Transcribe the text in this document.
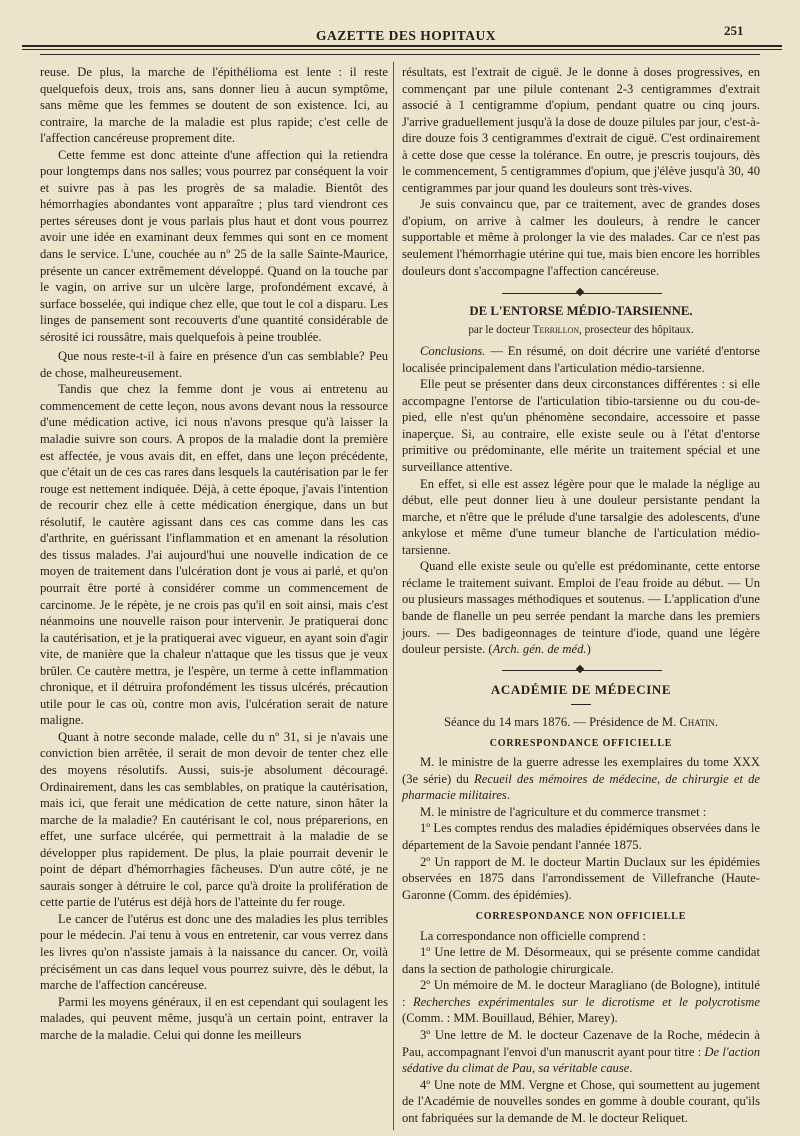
GAZETTE DES HOPITAUX	251

reuse. De plus, la marche de l'épithélioma est lente : il reste quelquefois deux, trois ans, sans donner lieu à aucun symptôme, sans même que les femmes se doutent de son existence. Ici, au contraire, la marche de la maladie est plus rapide; c'est celle de l'affection cancéreuse proprement dite.

Cette femme est donc atteinte d'une affection qui la retiendra pour longtemps dans nos salles; vous pourrez par conséquent la voir et suivre pas à pas les progrès de sa maladie. Bientôt des hémorrhagies abondantes vont apparaître ; plus tard viendront ces pertes séreuses dont je vous parlais plus haut et dont vous pourrez avoir une idée en examinant deux femmes qui sont en ce moment dans le service. L'une, couchée au nº 25 de la salle Sainte-Maurice, présente un cancer extrêmement développé. Quand on la touche par le vagin, on arrive sur un ulcère large, profondément excavé, à surface bosselée, qui indique chez elle, que tout le col a disparu. Les linges de pansement sont recouverts d'une quantité considérable de sérosité ici roussâtre, mais quelquefois à peine troublée.

Que nous reste-t-il à faire en présence d'un cas semblable? Peu de chose, malheureusement.

Tandis que chez la femme dont je vous ai entretenu au commencement de cette leçon, nous avons devant nous la ressource d'une médication active, ici nous n'avons presque qu'à laisser la maladie suivre son cours. A propos de la maladie dont la première est affectée, je vous avais dit, en effet, dans une leçon précédente, que c'était un de ces cas rares dans lesquels la cautérisation par le fer rouge est nettement indiquée. Déjà, à cette époque, j'avais l'intention de recourir chez elle à cette médication énergique, dans un but résolutif, le cautère agissant dans ces cas comme dans les cas d'arthrite, en guérissant l'inflammation et en amenant la résolution des tissus malades. J'ai aujourd'hui une nouvelle indication de ce moyen de traitement dans l'ulcération dont je vous ai parlé, et qu'on pourrait être porté à considérer comme un commencement de carcinome. Je le répète, je ne crois pas qu'il en soit ainsi, mais c'est néanmoins une nouvelle raison pour intervenir. Je pratiquerai donc la cautérisation, et je la pratiquerai avec vigueur, en ayant soin d'agir vite, de manière que la chaleur n'attaque que les tissus que je veux brûler. Ce cautère mettra, je l'espère, un terme à cette inflammation chronique, et il détruira profondément les tissus ulcérés, précaution utile pour le cas où, contre mon avis, l'ulcération serait de nature maligne.

Quant à notre seconde malade, celle du nº 31, si je n'avais une conviction bien arrêtée, il serait de mon devoir de tenter chez elle des moyens résolutifs. Aussi, suis-je absolument découragé. Ordinairement, dans les cas semblables, on pratique la cautérisation, mais ici, que ferait une médication de cette nature, sinon hâter la marche de la maladie? En cautérisant le col, nous préparerions, en effet, une surface ulcérée, qui permettrait à la maladie de se développer plus rapidement. De plus, la plaie pourrait devenir le point de départ d'hémorrhagies fâcheuses. D'un autre côté, je ne saurais songer à détruire le col, parce qu'à droite la prolifération de cette partie de l'utérus est déjà hors de l'atteinte du fer rouge.

Le cancer de l'utérus est donc une des maladies les plus terribles pour le médecin. J'ai tenu à vous en entretenir, car vous verrez dans les livres qu'on n'assiste jamais à la naissance du cancer. Or, voilà précisément un cas dans lequel vous pourrez suivre, dès le début, la marche de l'affection cancéreuse.

Parmi les moyens généraux, il en est cependant qui soulagent les malades, qui peuvent même, jusqu'à un certain point, entraver la marche de la maladie. Celui qui donne les meilleurs

résultats, est l'extrait de ciguë. Je le donne à doses progressives, en commençant par une pilule contenant 2-3 centigrammes d'extrait associé à 1 centigramme d'opium, pendant quatre ou cinq jours. J'arrive graduellement jusqu'à la dose de douze pilules par jour, c'est-à-dire douze fois 3 centigrammes d'extrait de ciguë. C'est ordinairement à cette dose que cesse la tolérance. En outre, je prescris toujours, dès le commencement, 5 centigrammes d'opium, que j'élève jusqu'à 30, 40 centigrammes par jour quand les douleurs sont très-vives.

Je suis convaincu que, par ce traitement, avec de grandes doses d'opium, on arrive à calmer les douleurs, à rendre le cancer supportable et même à prolonger la vie des malades. Car ce n'est pas seulement l'hémorrhagie utérine qui tue, mais bien encore les horribles douleurs dont s'accompagne l'affection cancéreuse.

DE L'ENTORSE MÉDIO-TARSIENNE.
par le docteur Terrillon, prosecteur des hôpitaux.

Conclusions. — En résumé, on doit décrire une variété d'entorse localisée principalement dans l'articulation médio-tarsienne.

Elle peut se présenter dans deux circonstances différentes : si elle accompagne l'entorse de l'articulation tibio-tarsienne ou du cou-de-pied, elle n'est qu'un phénomène secondaire, accessoire et passe inaperçue. Si, au contraire, elle existe seule ou à l'état d'entorse primitive ou prédominante, elle mérite un traitement spécial et une surveillance attentive.

En effet, si elle est assez légère pour que le malade la néglige au début, elle peut donner lieu à une douleur persistante pendant la marche, et n'être que le prélude d'une tarsalgie des adolescents, d'une ankylose et même d'une tumeur blanche de l'articulation médio-tarsienne.

Quand elle existe seule ou qu'elle est prédominante, cette entorse réclame le traitement suivant. Emploi de l'eau froide au début. — Un ou plusieurs massages méthodiques et soutenus. — L'application d'une bande de flanelle un peu serrée pendant la marche dans les premiers jours. — Des badigeonnages de teinture d'iode, quand une légère douleur persiste. (Arch. gén. de méd.)

ACADÉMIE DE MÉDECINE
Séance du 14 mars 1876. — Présidence de M. Chatin.
CORRESPONDANCE OFFICIELLE

M. le ministre de la guerre adresse les exemplaires du tome XXX (3e série) du Recueil des mémoires de médecine, de chirurgie et de pharmacie militaires.

M. le ministre de l'agriculture et du commerce transmet :

1º Les comptes rendus des maladies épidémiques observées dans le département de la Savoie pendant l'année 1875.

2º Un rapport de M. le docteur Martin Duclaux sur les épidémies observées en 1875 dans l'arrondissement de Villefranche (Haute-Garonne (Comm. des épidémies).

CORRESPONDANCE NON OFFICIELLE

La correspondance non officielle comprend :

1º Une lettre de M. Désormeaux, qui se présente comme candidat dans la section de pathologie chirurgicale.

2º Un mémoire de M. le docteur Maragliano (de Bologne), intitulé : Recherches expérimentales sur le dicrotisme et le polycrotisme (Comm. : MM. Bouillaud, Béhier, Marey).

3º Une lettre de M. le docteur Cazenave de la Roche, médecin à Pau, accompagnant l'envoi d'un manuscrit ayant pour titre : De l'action sédative du climat de Pau, sa véritable cause.

4º Une note de MM. Vergne et Chose, qui soumettent au jugement de l'Académie de nouvelles sondes en gomme à double courant, qu'ils ont fabriquées sur la demande de M. le docteur Reliquet.
